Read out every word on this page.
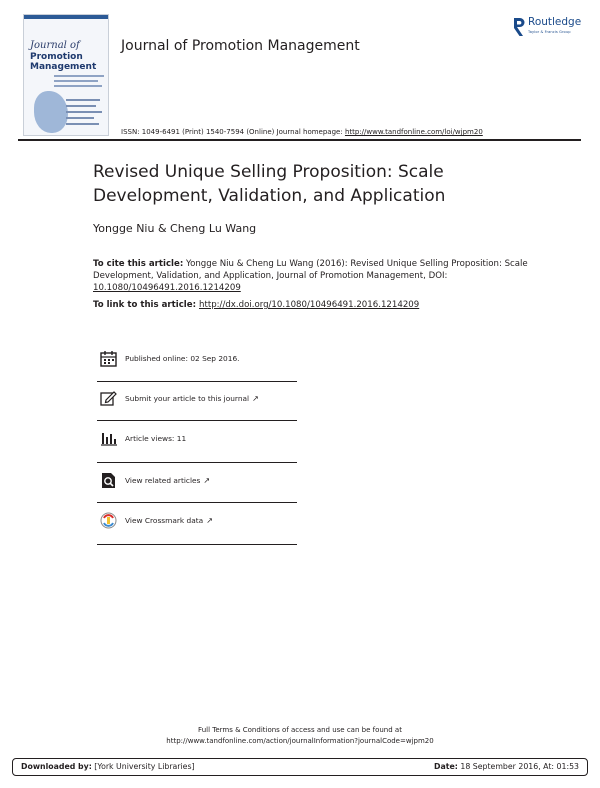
Journal of
Promotion
Management
Journal of Promotion Management
Routledge
Taylor & Francis Group
ISSN: 1049-6491 (Print) 1540-7594 (Online) Journal homepage: http://www.tandfonline.com/loi/wjpm20
Revised Unique Selling Proposition: Scale Development, Validation, and Application
Yongge Niu & Cheng Lu Wang
To cite this article: Yongge Niu & Cheng Lu Wang (2016): Revised Unique Selling Proposition: Scale Development, Validation, and Application, Journal of Promotion Management, DOI: 10.1080/10496491.2016.1214209
To link to this article: http://dx.doi.org/10.1080/10496491.2016.1214209
Published online: 02 Sep 2016.
Submit your article to this journal ↗
Article views: 11
View related articles ↗
View Crossmark data ↗
Full Terms & Conditions of access and use can be found at
http://www.tandfonline.com/action/journalInformation?journalCode=wjpm20
Downloaded by: [York University Libraries]	Date: 18 September 2016, At: 01:53
